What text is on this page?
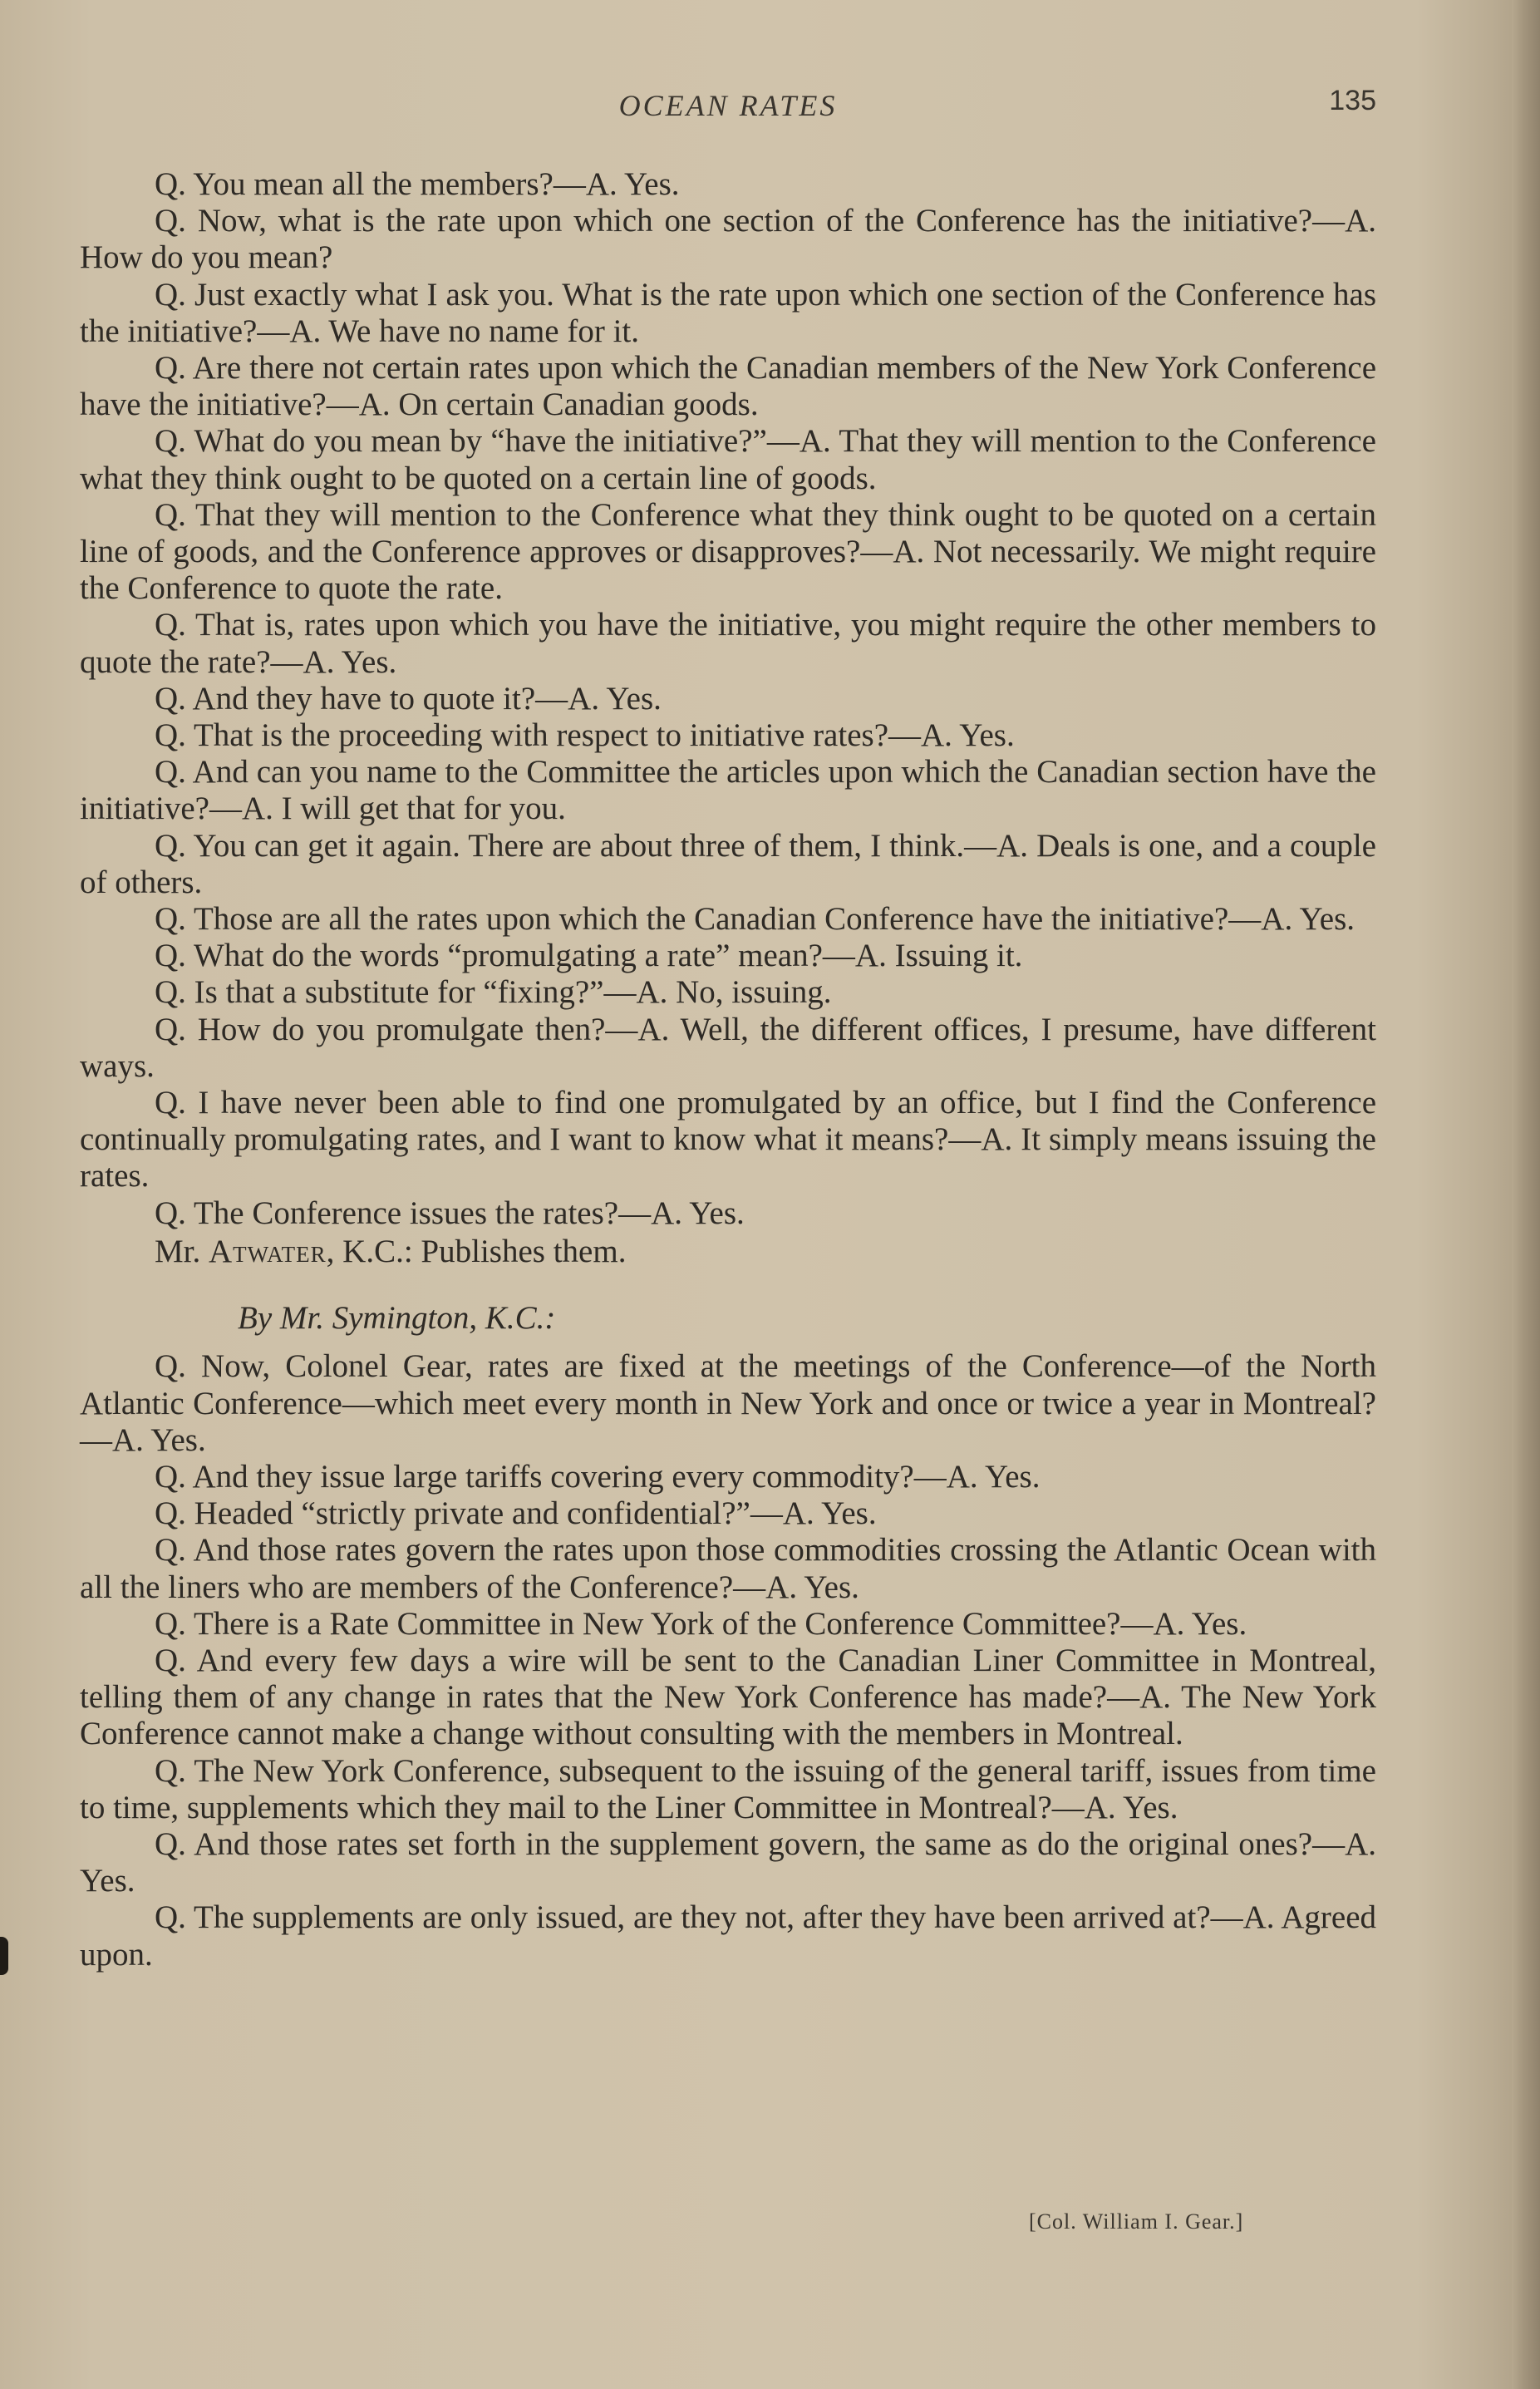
OCEAN RATES	135

Q. You mean all the members?—A. Yes.

Q. Now, what is the rate upon which one section of the Conference has the initiative?—A. How do you mean?

Q. Just exactly what I ask you. What is the rate upon which one section of the Conference has the initiative?—A. We have no name for it.

Q. Are there not certain rates upon which the Canadian members of the New York Conference have the initiative?—A. On certain Canadian goods.

Q. What do you mean by “have the initiative?”—A. That they will mention to the Conference what they think ought to be quoted on a certain line of goods.

Q. That they will mention to the Conference what they think ought to be quoted on a certain line of goods, and the Conference approves or disapproves?—A. Not necessarily. We might require the Conference to quote the rate.

Q. That is, rates upon which you have the initiative, you might require the other members to quote the rate?—A. Yes.

Q. And they have to quote it?—A. Yes.

Q. That is the proceeding with respect to initiative rates?—A. Yes.

Q. And can you name to the Committee the articles upon which the Canadian section have the initiative?—A. I will get that for you.

Q. You can get it again. There are about three of them, I think.—A. Deals is one, and a couple of others.

Q. Those are all the rates upon which the Canadian Conference have the initiative?—A. Yes.

Q. What do the words “promulgating a rate” mean?—A. Issuing it.

Q. Is that a substitute for “fixing?”—A. No, issuing.

Q. How do you promulgate then?—A. Well, the different offices, I presume, have different ways.

Q. I have never been able to find one promulgated by an office, but I find the Conference continually promulgating rates, and I want to know what it means?—A. It simply means issuing the rates.

Q. The Conference issues the rates?—A. Yes.

Mr. Atwater, K.C.: Publishes them.

By Mr. Symington, K.C.:

Q. Now, Colonel Gear, rates are fixed at the meetings of the Conference—of the North Atlantic Conference—which meet every month in New York and once or twice a year in Montreal?—A. Yes.

Q. And they issue large tariffs covering every commodity?—A. Yes.

Q. Headed “strictly private and confidential?”—A. Yes.

Q. And those rates govern the rates upon those commodities crossing the Atlantic Ocean with all the liners who are members of the Conference?—A. Yes.

Q. There is a Rate Committee in New York of the Conference Committee?—A. Yes.

Q. And every few days a wire will be sent to the Canadian Liner Committee in Montreal, telling them of any change in rates that the New York Conference has made?—A. The New York Conference cannot make a change without consulting with the members in Montreal.

Q. The New York Conference, subsequent to the issuing of the general tariff, issues from time to time, supplements which they mail to the Liner Committee in Montreal?—A. Yes.

Q. And those rates set forth in the supplement govern, the same as do the original ones?—A. Yes.

Q. The supplements are only issued, are they not, after they have been arrived at?—A. Agreed upon.

[Col. William I. Gear.]
